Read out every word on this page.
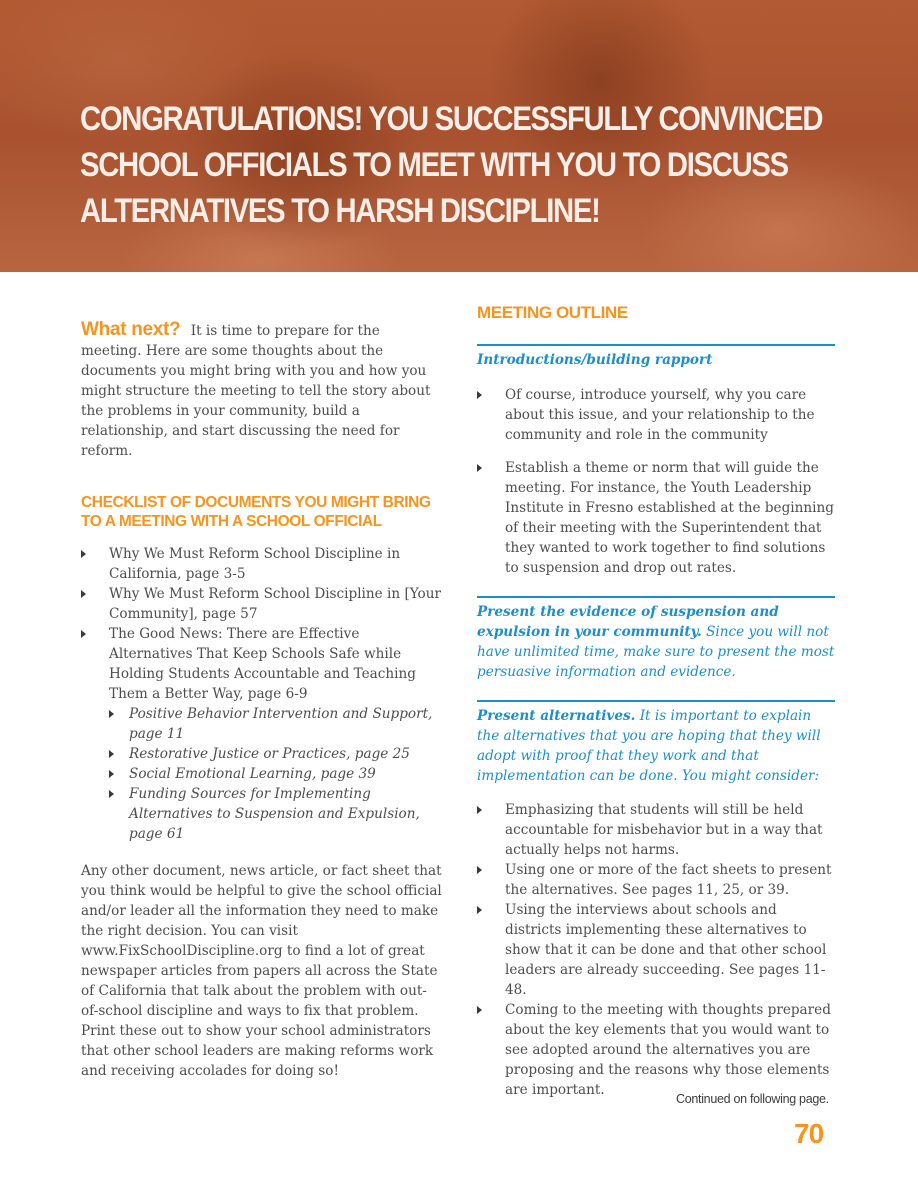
CONGRATULATIONS! YOU SUCCESSFULLY CONVINCED SCHOOL OFFICIALS TO MEET WITH YOU TO DISCUSS ALTERNATIVES TO HARSH DISCIPLINE!

What next? It is time to prepare for the meeting. Here are some thoughts about the documents you might bring with you and how you might structure the meeting to tell the story about the problems in your community, build a relationship, and start discussing the need for reform.

CHECKLIST OF DOCUMENTS YOU MIGHT BRING TO A MEETING WITH A SCHOOL OFFICIAL
Why We Must Reform School Discipline in California, page 3-5
Why We Must Reform School Discipline in [Your Community], page 57
The Good News: There are Effective Alternatives That Keep Schools Safe while Holding Students Accountable and Teaching Them a Better Way, page 6-9
Positive Behavior Intervention and Support, page 11
Restorative Justice or Practices, page 25
Social Emotional Learning, page 39
Funding Sources for Implementing Alternatives to Suspension and Expulsion, page 61

Any other document, news article, or fact sheet that you think would be helpful to give the school official and/or leader all the information they need to make the right decision. You can visit www.FixSchoolDiscipline.org to find a lot of great newspaper articles from papers all across the State of California that talk about the problem with out-of-school discipline and ways to fix that problem. Print these out to show your school administrators that other school leaders are making reforms work and receiving accolades for doing so!

MEETING OUTLINE

Introductions/building rapport

Of course, introduce yourself, why you care about this issue, and your relationship to the community and role in the community
Establish a theme or norm that will guide the meeting. For instance, the Youth Leadership Institute in Fresno established at the beginning of their meeting with the Superintendent that they wanted to work together to find solutions to suspension and drop out rates.

Present the evidence of suspension and expulsion in your community. Since you will not have unlimited time, make sure to present the most persuasive information and evidence.

Present alternatives. It is important to explain the alternatives that you are hoping that they will adopt with proof that they work and that implementation can be done. You might consider:

Emphasizing that students will still be held accountable for misbehavior but in a way that actually helps not harms.
Using one or more of the fact sheets to present the alternatives. See pages 11, 25, or 39.
Using the interviews about schools and districts implementing these alternatives to show that it can be done and that other school leaders are already succeeding. See pages 11-48.
Coming to the meeting with thoughts prepared about the key elements that you would want to see adopted around the alternatives you are proposing and the reasons why those elements are important.
Continued on following page.
70
